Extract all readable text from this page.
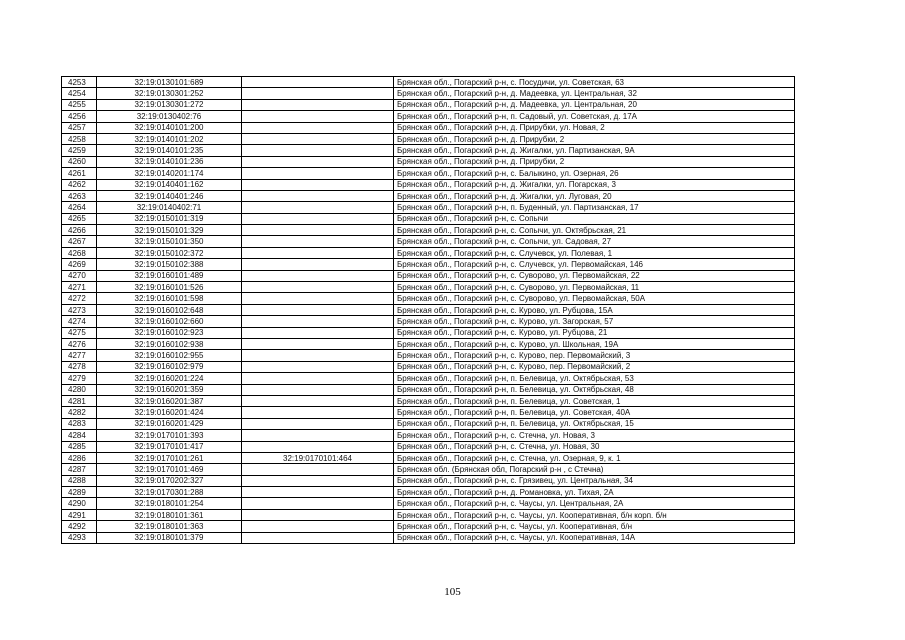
4253	32:19:0130101:689		Брянская обл., Погарский р-н, с. Посудичи, ул. Советская, 63
4254	32:19:0130301:252		Брянская обл., Погарский р-н, д. Мадеевка, ул. Центральная, 32
4255	32:19:0130301:272		Брянская обл., Погарский р-н, д. Мадеевка, ул. Центральная, 20
4256	32:19:0130402:76		Брянская обл., Погарский р-н, п. Садовый, ул. Советская, д. 17А
4257	32:19:0140101:200		Брянская обл., Погарский р-н, д. Прирубки, ул. Новая, 2
4258	32:19:0140101:202		Брянская обл., Погарский р-н, д. Прирубки, 2
4259	32:19:0140101:235		Брянская обл., Погарский р-н, д. Жигалки, ул. Партизанская, 9А
4260	32:19:0140101:236		Брянская обл., Погарский р-н, д. Прирубки, 2
4261	32:19:0140201:174		Брянская обл., Погарский р-н, с. Балыкино, ул. Озерная, 26
4262	32:19:0140401:162		Брянская обл., Погарский р-н, д. Жигалки, ул. Погарская, 3
4263	32:19:0140401:246		Брянская обл., Погарский р-н, д. Жигалки, ул. Луговая, 20
4264	32:19:0140402:71		Брянская обл., Погарский р-н, п. Буденный, ул. Партизанская, 17
4265	32:19:0150101:319		Брянская обл., Погарский р-н, с. Сопычи
4266	32:19:0150101:329		Брянская обл., Погарский р-н, с. Сопычи, ул. Октябрьская, 21
4267	32:19:0150101:350		Брянская обл., Погарский р-н, с. Сопычи, ул. Садовая, 27
4268	32:19:0150102:372		Брянская обл., Погарский р-н, с. Случевск, ул. Полевая, 1
4269	32:19:0150102:388		Брянская обл., Погарский р-н, с. Случевск, ул. Первомайская, 146
4270	32:19:0160101:489		Брянская обл., Погарский р-н, с. Суворово, ул. Первомайская, 22
4271	32:19:0160101:526		Брянская обл., Погарский р-н, с. Суворово, ул. Первомайская, 11
4272	32:19:0160101:598		Брянская обл., Погарский р-н, с. Суворово, ул. Первомайская, 50А
4273	32:19:0160102:648		Брянская обл., Погарский р-н, с. Курово, ул. Рубцова, 15А
4274	32:19:0160102:660		Брянская обл., Погарский р-н, с. Курово, ул. Загорская, 57
4275	32:19:0160102:923		Брянская обл., Погарский р-н, с. Курово, ул. Рубцова, 21
4276	32:19:0160102:938		Брянская обл., Погарский р-н, с. Курово, ул. Школьная, 19А
4277	32:19:0160102:955		Брянская обл., Погарский р-н, с. Курово, пер. Первомайский, 3
4278	32:19:0160102:979		Брянская обл., Погарский р-н, с. Курово, пер. Первомайский, 2
4279	32:19:0160201:224		Брянская обл., Погарский р-н, п. Белевица, ул. Октябрьская, 53
4280	32:19:0160201:359		Брянская обл., Погарский р-н, п. Белевица, ул. Октябрьская, 48
4281	32:19:0160201:387		Брянская обл., Погарский р-н, п. Белевица, ул. Советская, 1
4282	32:19:0160201:424		Брянская обл., Погарский р-н, п. Белевица, ул. Советская, 40А
4283	32:19:0160201:429		Брянская обл., Погарский р-н, п. Белевица, ул. Октябрьская, 15
4284	32:19:0170101:393		Брянская обл., Погарский р-н, с. Стечна, ул. Новая, 3
4285	32:19:0170101:417		Брянская обл., Погарский р-н, с. Стечна, ул. Новая, 30
4286	32:19:0170101:261	32:19:0170101:464	Брянская обл., Погарский р-н, с. Стечна, ул. Озерная, 9, к. 1
4287	32:19:0170101:469		Брянская обл. (Брянская обл, Погарский р-н , с Стечна)
4288	32:19:0170202:327		Брянская обл., Погарский р-н, с. Грязивец, ул. Центральная, 34
4289	32:19:0170301:288		Брянская обл., Погарский р-н, д. Романовка, ул. Тихая, 2А
4290	32:19:0180101:254		Брянская обл., Погарский р-н, с. Чаусы, ул. Центральная, 2А
4291	32:19:0180101:361		Брянская обл., Погарский р-н, с. Чаусы, ул. Кооперативная, б/н корп. б/н
4292	32:19:0180101:363		Брянская обл., Погарский р-н, с. Чаусы, ул. Кооперативная, б/н
4293	32:19:0180101:379		Брянская обл., Погарский р-н, с. Чаусы, ул. Кооперативная, 14А
105
